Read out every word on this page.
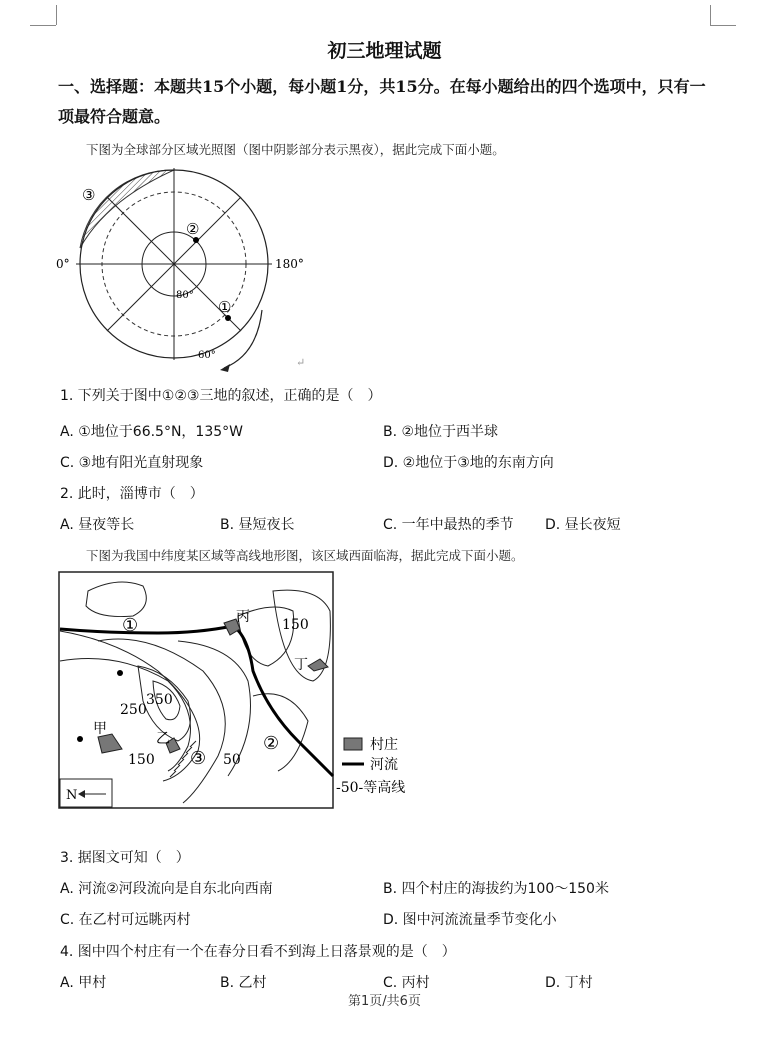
初三地理试题
一、选择题：本题共15个小题，每小题1分，共15分。在每小题给出的四个选项中，只有一项最符合题意。
下图为全球部分区域光照图（图中阴影部分表示黑夜），据此完成下面小题。
③
②
①
0°	180°
80°
60°
↵
1. 下列关于图中①②③三地的叙述，正确的是（　）
A. ①地位于66.5°N，135°W	B. ②地位于西半球
C. ③地有阳光直射现象	D. ②地位于③地的东南方向
2. 此时，淄博市（　）
A. 昼夜等长	B. 昼短夜长	C. 一年中最热的季节 D. 昼长夜短
下图为我国中纬度某区域等高线地形图，该区域西面临海，据此完成下面小题。
150
350
250
150	50
丙
丁
甲
乙
①
②
③
N
村庄
河流
-50-等高线
3. 据图文可知（　）
A. 河流②河段流向是自东北向西南	B. 四个村庄的海拔约为100～150米
C. 在乙村可远眺丙村	D. 图中河流流量季节变化小
4. 图中四个村庄有一个在春分日看不到海上日落景观的是（　）
A. 甲村	B. 乙村	C. 丙村	D. 丁村
第1页/共6页
